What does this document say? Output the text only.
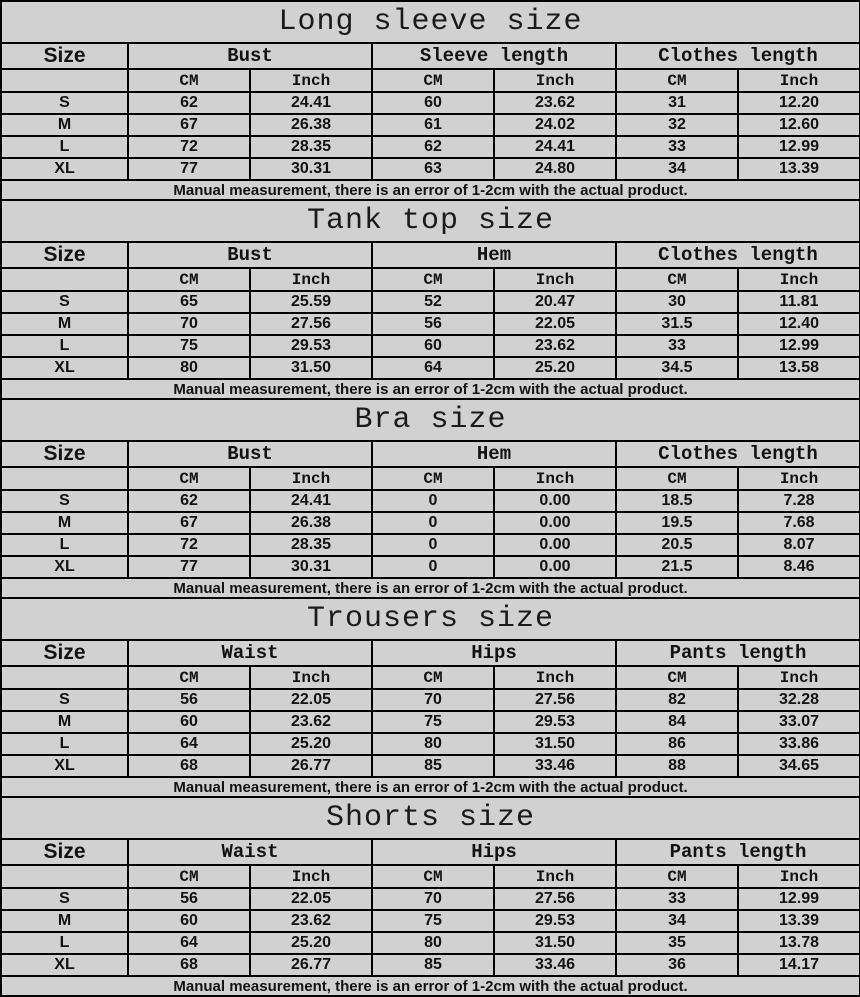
Long sleeve size						
Size	Bust		Sleeve length		Clothes length	
	CM	Inch	CM	Inch	CM	Inch
S	62	24.41	60	23.62	31	12.20
M	67	26.38	61	24.02	32	12.60
L	72	28.35	62	24.41	33	12.99
XL	77	30.31	63	24.80	34	13.39
Manual measurement, there is an error of 1-2cm with the actual product.						
Tank top size						
Size	Bust		Hem		Clothes length	
	CM	Inch	CM	Inch	CM	Inch
S	65	25.59	52	20.47	30	11.81
M	70	27.56	56	22.05	31.5	12.40
L	75	29.53	60	23.62	33	12.99
XL	80	31.50	64	25.20	34.5	13.58
Manual measurement, there is an error of 1-2cm with the actual product.						
Bra size						
Size	Bust		Hem		Clothes length	
	CM	Inch	CM	Inch	CM	Inch
S	62	24.41	0	0.00	18.5	7.28
M	67	26.38	0	0.00	19.5	7.68
L	72	28.35	0	0.00	20.5	8.07
XL	77	30.31	0	0.00	21.5	8.46
Manual measurement, there is an error of 1-2cm with the actual product.						
Trousers size						
Size	Waist		Hips		Pants length	
	CM	Inch	CM	Inch	CM	Inch
S	56	22.05	70	27.56	82	32.28
M	60	23.62	75	29.53	84	33.07
L	64	25.20	80	31.50	86	33.86
XL	68	26.77	85	33.46	88	34.65
Manual measurement, there is an error of 1-2cm with the actual product.						
Shorts size						
Size	Waist		Hips		Pants length	
	CM	Inch	CM	Inch	CM	Inch
S	56	22.05	70	27.56	33	12.99
M	60	23.62	75	29.53	34	13.39
L	64	25.20	80	31.50	35	13.78
XL	68	26.77	85	33.46	36	14.17
Manual measurement, there is an error of 1-2cm with the actual product.						
